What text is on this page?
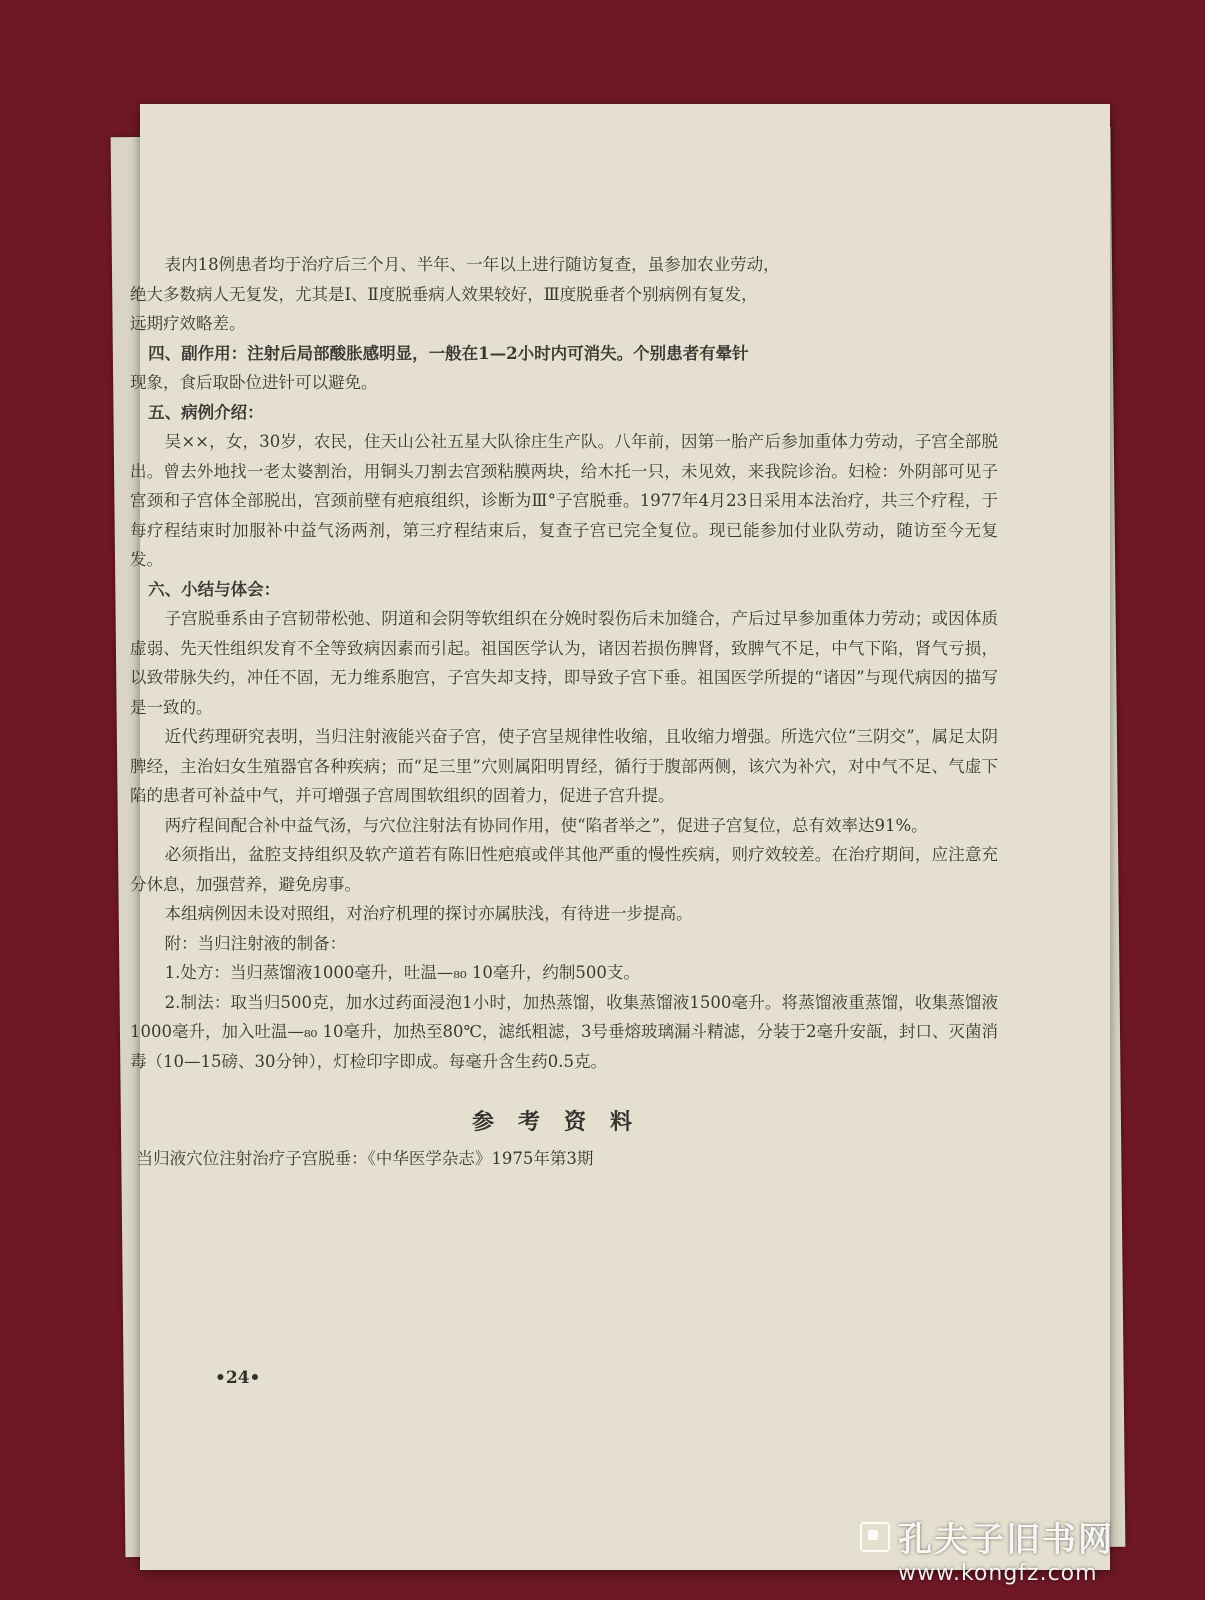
表内18例患者均于治疗后三个月、半年、一年以上进行随访复查，虽参加农业劳动，

绝大多数病人无复发，尤其是Ⅰ、Ⅱ度脱垂病人效果较好，Ⅲ度脱垂者个别病例有复发，

远期疗效略差。

四、副作用：注射后局部酸胀感明显，一般在1—2小时内可消失。个别患者有晕针

现象，食后取卧位进针可以避免。

五、病例介绍：

吴××，女，30岁，农民，住天山公社五星大队徐庄生产队。八年前，因第一胎产后参加重体力劳动，子宫全部脱出。曾去外地找一老太婆割治，用铜头刀割去宫颈粘膜两块，给木托一只，未见效，来我院诊治。妇检：外阴部可见子宫颈和子宫体全部脱出，宫颈前壁有疤痕组织，诊断为Ⅲ°子宫脱垂。1977年4月23日采用本法治疗，共三个疗程，于每疗程结束时加服补中益气汤两剂，第三疗程结束后，复查子宫已完全复位。现已能参加付业队劳动，随访至今无复发。

六、小结与体会：

子宫脱垂系由子宫韧带松弛、阴道和会阴等软组织在分娩时裂伤后未加缝合，产后过早参加重体力劳动；或因体质虚弱、先天性组织发育不全等致病因素而引起。祖国医学认为，诸因若损伤脾肾，致脾气不足，中气下陷，肾气亏损，以致带脉失约，冲任不固，无力维系胞宫，子宫失却支持，即导致子宫下垂。祖国医学所提的“诸因”与现代病因的描写是一致的。

近代药理研究表明，当归注射液能兴奋子宫，使子宫呈规律性收缩，且收缩力增强。所选穴位“三阴交”，属足太阴脾经，主治妇女生殖器官各种疾病；而“足三里”穴则属阳明胃经，循行于腹部两侧，该穴为补穴，对中气不足、气虚下陷的患者可补益中气，并可增强子宫周围软组织的固着力，促进子宫升提。

两疗程间配合补中益气汤，与穴位注射法有协同作用，使“陷者举之”，促进子宫复位，总有效率达91%。

必须指出，盆腔支持组织及软产道若有陈旧性疤痕或伴其他严重的慢性疾病，则疗效较差。在治疗期间，应注意充分休息，加强营养，避免房事。

本组病例因未设对照组，对治疗机理的探讨亦属肤浅，有待进一步提高。

附：当归注射液的制备：

1.处方：当归蒸馏液1000毫升，吐温—₈₀ 10毫升，约制500支。

2.制法：取当归500克，加水过药面浸泡1小时，加热蒸馏，收集蒸馏液1500毫升。将蒸馏液重蒸馏，收集蒸馏液1000毫升，加入吐温—₈₀ 10毫升，加热至80℃，滤纸粗滤，3号垂熔玻璃漏斗精滤，分装于2毫升安瓿，封口、灭菌消毒（10—15磅、30分钟），灯检印字即成。每毫升含生药0.5克。

参考资料

当归液穴位注射治疗子宫脱垂：《中华医学杂志》1975年第3期

•24•
孔夫子旧书网
www.kongfz.com
